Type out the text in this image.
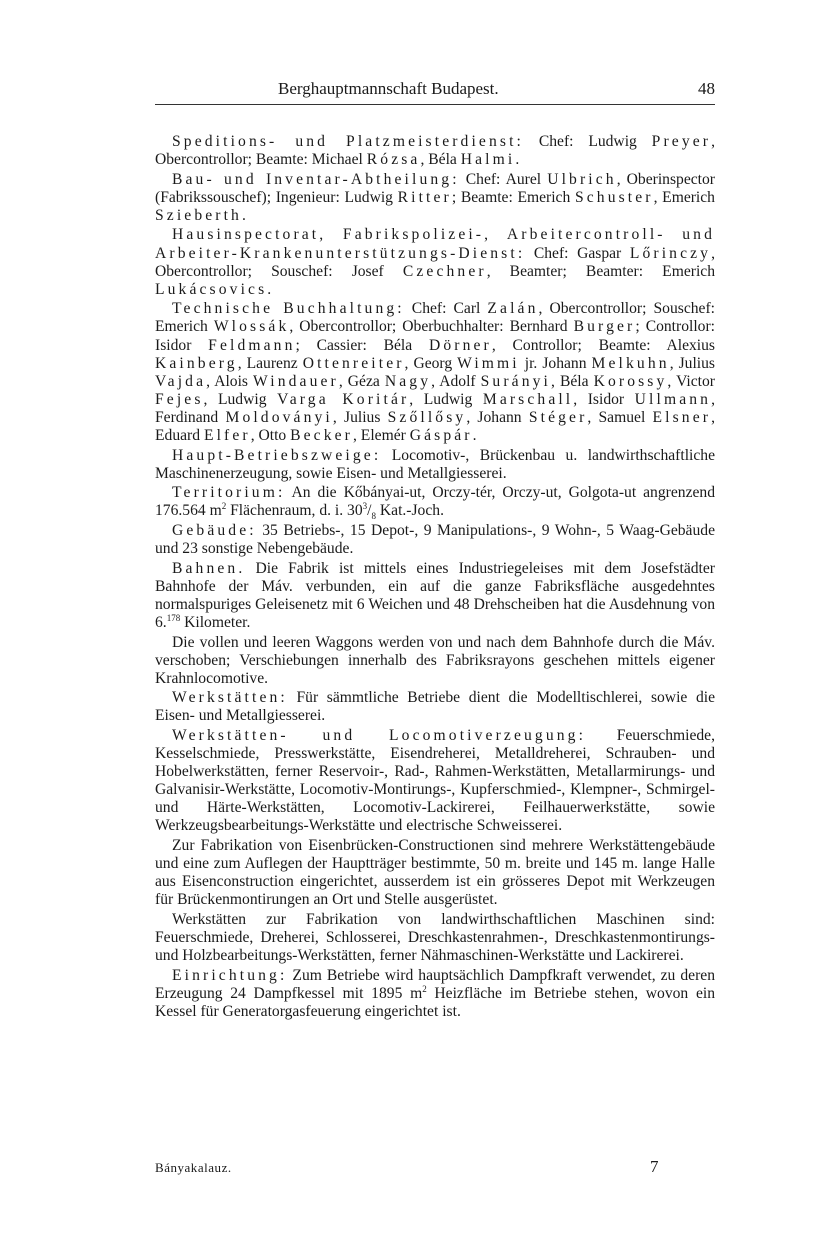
Berghauptmannschaft Budapest.	48

Speditions- und Platzmeisterdienst: Chef: Ludwig Preyer, Obercontrollor; Beamte: Michael Rózsa, Béla Halmi.

Bau- und Inventar-Abtheilung: Chef: Aurel Ulbrich, Oberinspector (Fabrikssouschef); Ingenieur: Ludwig Ritter; Beamte: Emerich Schuster, Emerich Szieberth.

Hausinspectorat, Fabrikspolizei-, Arbeitercontroll- und Arbeiter-Krankenunterstützungs-Dienst: Chef: Gaspar Lőrinczy, Obercontrollor; Souschef: Josef Czechner, Beamter; Beamter: Emerich Lukácsovics.

Technische Buchhaltung: Chef: Carl Zalán, Obercontrollor; Souschef: Emerich Wlossák, Obercontrollor; Oberbuchhalter: Bernhard Burger; Controllor: Isidor Feldmann; Cassier: Béla Dörner, Controllor; Beamte: Alexius Kainberg, Laurenz Ottenreiter, Georg Wimmi jr. Johann Melkuhn, Julius Vajda, Alois Windauer, Géza Nagy, Adolf Surányi, Béla Korossy, Victor Fejes, Ludwig Varga Koritár, Ludwig Marschall, Isidor Ullmann, Ferdinand Moldoványi, Julius Szőllősy, Johann Stéger, Samuel Elsner, Eduard Elfer, Otto Becker, Elemér Gáspár.

Haupt-Betriebszweige: Locomotiv-, Brückenbau u. landwirthschaftliche Maschinenerzeugung, sowie Eisen- und Metallgiesserei.

Territorium: An die Kőbányai-ut, Orczy-tér, Orczy-ut, Golgota-ut angrenzend 176.564 $m^2$ Flächenraum, d. i. $30^3/_8$ Kat.-Joch.

Gebäude: 35 Betriebs-, 15 Depot-, 9 Manipulations-, 9 Wohn-, 5 Waag-Gebäude und 23 sonstige Nebengebäude.

Bahnen. Die Fabrik ist mittels eines Industriegeleises mit dem Josefstädter Bahnhofe der Máv. verbunden, ein auf die ganze Fabriksfläche ausgedehntes normalspuriges Geleisenetz mit 6 Weichen und 48 Drehscheiben hat die Ausdehnung von 6.$^{178}$ Kilometer.

Die vollen und leeren Waggons werden von und nach dem Bahnhofe durch die Máv. verschoben; Verschiebungen innerhalb des Fabriksrayons geschehen mittels eigener Krahnlocomotive.

Werkstätten: Für sämmtliche Betriebe dient die Modelltischlerei, sowie die Eisen- und Metallgiesserei.

Werkstätten- und Locomotiverzeugung: Feuerschmiede, Kesselschmiede, Presswerkstätte, Eisendreherei, Metalldreherei, Schrauben- und Hobelwerkstätten, ferner Reservoir-, Rad-, Rahmen-Werkstätten, Metallarmirungs- und Galvanisir-Werkstätte, Locomotiv-Montirungs-, Kupferschmied-, Klempner-, Schmirgel- und Härte-Werkstätten, Locomotiv-Lackirerei, Feilhauerwerkstätte, sowie Werkzeugsbearbeitungs-Werkstätte und electrische Schweisserei.

Zur Fabrikation von Eisenbrücken-Constructionen sind mehrere Werkstättengebäude und eine zum Auflegen der Hauptträger bestimmte, 50 m. breite und 145 m. lange Halle aus Eisenconstruction eingerichtet, ausserdem ist ein grösseres Depot mit Werkzeugen für Brückenmontirungen an Ort und Stelle ausgerüstet.

Werkstätten zur Fabrikation von landwirthschaftlichen Maschinen sind: Feuerschmiede, Dreherei, Schlosserei, Dreschkastenrahmen-, Dreschkastenmontirungs- und Holzbearbeitungs-Werkstätten, ferner Nähmaschinen-Werkstätte und Lackirerei.

Einrichtung: Zum Betriebe wird hauptsächlich Dampfkraft verwendet, zu deren Erzeugung 24 Dampfkessel mit 1895 $m^2$ Heizfläche im Betriebe stehen, wovon ein Kessel für Generatorgasfeuerung eingerichtet ist.

Bányakalauz.	7
